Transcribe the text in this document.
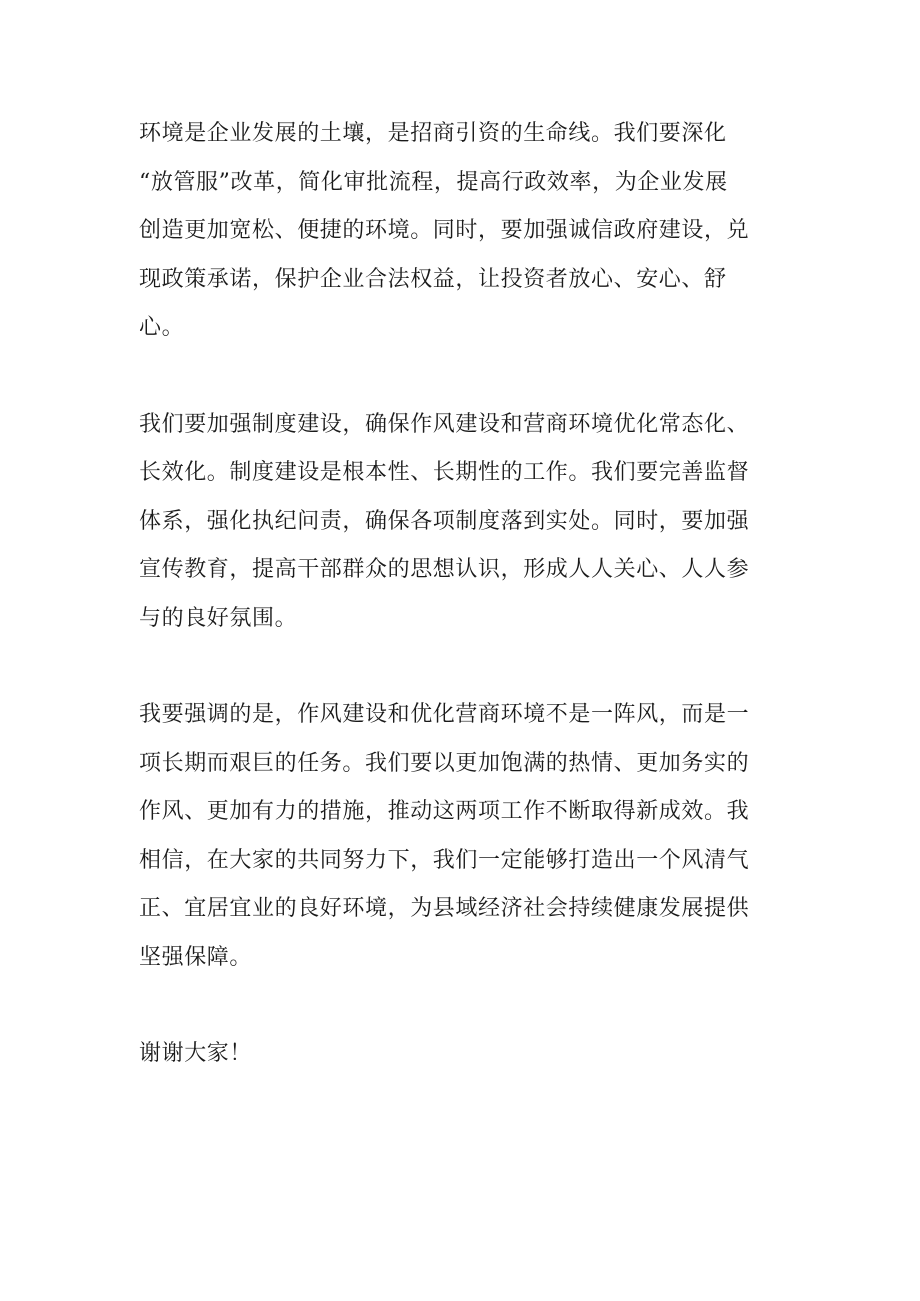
环境是企业发展的土壤，是招商引资的生命线。我们要深化
“放管服”改革，简化审批流程，提高行政效率，为企业发展
创造更加宽松、便捷的环境。同时，要加强诚信政府建设，兑
现政策承诺，保护企业合法权益，让投资者放心、安心、舒
心。

我们要加强制度建设，确保作风建设和营商环境优化常态化、
长效化。制度建设是根本性、长期性的工作。我们要完善监督
体系，强化执纪问责，确保各项制度落到实处。同时，要加强
宣传教育，提高干部群众的思想认识，形成人人关心、人人参
与的良好氛围。

我要强调的是，作风建设和优化营商环境不是一阵风，而是一
项长期而艰巨的任务。我们要以更加饱满的热情、更加务实的
作风、更加有力的措施，推动这两项工作不断取得新成效。我
相信，在大家的共同努力下，我们一定能够打造出一个风清气
正、宜居宜业的良好环境，为县域经济社会持续健康发展提供
坚强保障。

谢谢大家！
